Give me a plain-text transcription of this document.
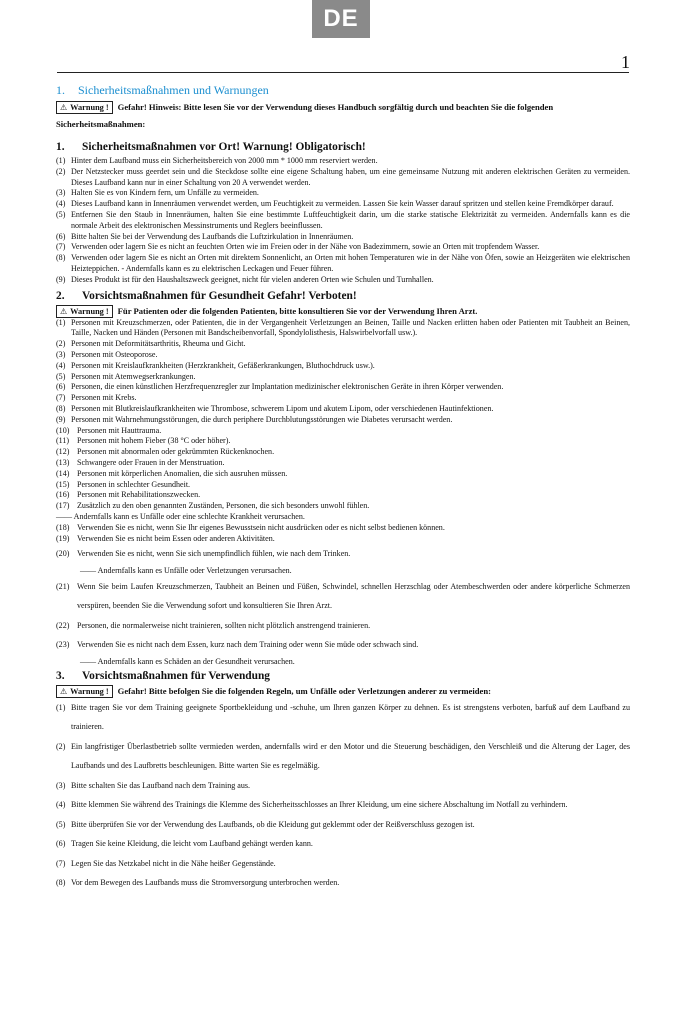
DE
1
1. Sicherheitsmaßnahmen und Warnungen

⚠ Warnung ! Gefahr! Hinweis: Bitte lesen Sie vor der Verwendung dieses Handbuch sorgfältig durch und beachten Sie die folgenden

Sicherheitsmaßnahmen:

1. Sicherheitsmaßnahmen vor Ort! Warnung! Obligatorisch!
(1) Hinter dem Laufband muss ein Sicherheitsbereich von 2000 mm * 1000 mm reserviert werden.
(2) Der Netzstecker muss geerdet sein und die Steckdose sollte eine eigene Schaltung haben, um eine gemeinsame Nutzung mit anderen elektrischen Geräten zu vermeiden. Dieses Laufband kann nur in einer Schaltung von 20 A verwendet werden.
(3) Halten Sie es von Kindern fern, um Unfälle zu vermeiden.
(4) Dieses Laufband kann in Innenräumen verwendet werden, um Feuchtigkeit zu vermeiden. Lassen Sie kein Wasser darauf spritzen und stellen keine Fremdkörper darauf.
(5) Entfernen Sie den Staub in Innenräumen, halten Sie eine bestimmte Luftfeuchtigkeit darin, um die starke statische Elektrizität zu vermeiden. Andernfalls kann es die normale Arbeit des elektronischen Messinstruments und Reglers beeinflussen.
(6) Bitte halten Sie bei der Verwendung des Laufbands die Luftzirkulation in Innenräumen.
(7) Verwenden oder lagern Sie es nicht an feuchten Orten wie im Freien oder in der Nähe von Badezimmern, sowie an Orten mit tropfendem Wasser.
(8) Verwenden oder lagern Sie es nicht an Orten mit direktem Sonnenlicht, an Orten mit hohen Temperaturen wie in der Nähe von Öfen, sowie an Heizgeräten wie elektrischen Heizteppichen. - Andernfalls kann es zu elektrischen Leckagen und Feuer führen.
(9) Dieses Produkt ist für den Haushaltszweck geeignet, nicht für vielen anderen Orten wie Schulen und Turnhallen.
2. Vorsichtsmaßnahmen für Gesundheit Gefahr! Verboten!

⚠ Warnung ! Für Patienten oder die folgenden Patienten, bitte konsultieren Sie vor der Verwendung Ihren Arzt.

(1) Personen mit Kreuzschmerzen, oder Patienten, die in der Vergangenheit Verletzungen an Beinen, Taille und Nacken erlitten haben oder Patienten mit Taubheit an Beinen, Taille, Nacken und Händen (Personen mit Bandscheibenvorfall, Spondylolisthesis, Halswirbelvorfall usw.).
(2) Personen mit Deformitätsarthritis, Rheuma und Gicht.
(3) Personen mit Osteoporose.
(4) Personen mit Kreislaufkrankheiten (Herzkrankheit, Gefäßerkrankungen, Bluthochdruck usw.).
(5) Personen mit Atemwegserkrankungen.
(6) Personen, die einen künstlichen Herzfrequenzregler zur Implantation medizinischer elektronischen Geräte in ihren Körper verwenden.
(7) Personen mit Krebs.
(8) Personen mit Blutkreislaufkrankheiten wie Thrombose, schwerem Lipom und akutem Lipom, oder verschiedenen Hautinfektionen.
(9) Personen mit Wahrnehmungsstörungen, die durch periphere Durchblutungsstörungen wie Diabetes verursacht werden.
(10) Personen mit Hauttrauma.
(11) Personen mit hohem Fieber (38 °C oder höher).
(12) Personen mit abnormalen oder gekrümmten Rückenknochen.
(13) Schwangere oder Frauen in der Menstruation.
(14) Personen mit körperlichen Anomalien, die sich ausruhen müssen.
(15) Personen in schlechter Gesundheit.
(16) Personen mit Rehabilitationszwecken.
(17) Zusätzlich zu den oben genannten Zuständen, Personen, die sich besonders unwohl fühlen.
—— Andernfalls kann es Unfälle oder eine schlechte Krankheit verursachen.
(18) Verwenden Sie es nicht, wenn Sie Ihr eigenes Bewusstsein nicht ausdrücken oder es nicht selbst bedienen können.
(19) Verwenden Sie es nicht beim Essen oder anderen Aktivitäten.
(20) Verwenden Sie es nicht, wenn Sie sich unempfindlich fühlen, wie nach dem Trinken.
—— Andernfalls kann es Unfälle oder Verletzungen verursachen.
(21) Wenn Sie beim Laufen Kreuzschmerzen, Taubheit an Beinen und Füßen, Schwindel, schnellen Herzschlag oder Atembeschwerden oder andere körperliche Schmerzen verspüren, beenden Sie die Verwendung sofort und konsultieren Sie Ihren Arzt.
(22) Personen, die normalerweise nicht trainieren, sollten nicht plötzlich anstrengend trainieren.
(23) Verwenden Sie es nicht nach dem Essen, kurz nach dem Training oder wenn Sie müde oder schwach sind.
—— Andernfalls kann es Schäden an der Gesundheit verursachen.
3. Vorsichtsmaßnahmen für Verwendung

⚠ Warnung ! Gefahr! Bitte befolgen Sie die folgenden Regeln, um Unfälle oder Verletzungen anderer zu vermeiden:

(1) Bitte tragen Sie vor dem Training geeignete Sportbekleidung und -schuhe, um Ihren ganzen Körper zu dehnen. Es ist strengstens verboten, barfuß auf dem Laufband zu trainieren.
(2) Ein langfristiger Überlastbetrieb sollte vermieden werden, andernfalls wird er den Motor und die Steuerung beschädigen, den Verschleiß und die Alterung der Lager, des Laufbands und des Laufbretts beschleunigen. Bitte warten Sie es regelmäßig.
(3) Bitte schalten Sie das Laufband nach dem Training aus.
(4) Bitte klemmen Sie während des Trainings die Klemme des Sicherheitsschlosses an Ihrer Kleidung, um eine sichere Abschaltung im Notfall zu verhindern.
(5) Bitte überprüfen Sie vor der Verwendung des Laufbands, ob die Kleidung gut geklemmt oder der Reißverschluss gezogen ist.
(6) Tragen Sie keine Kleidung, die leicht vom Laufband gehängt werden kann.
(7) Legen Sie das Netzkabel nicht in die Nähe heißer Gegenstände.
(8) Vor dem Bewegen des Laufbands muss die Stromversorgung unterbrochen werden.
